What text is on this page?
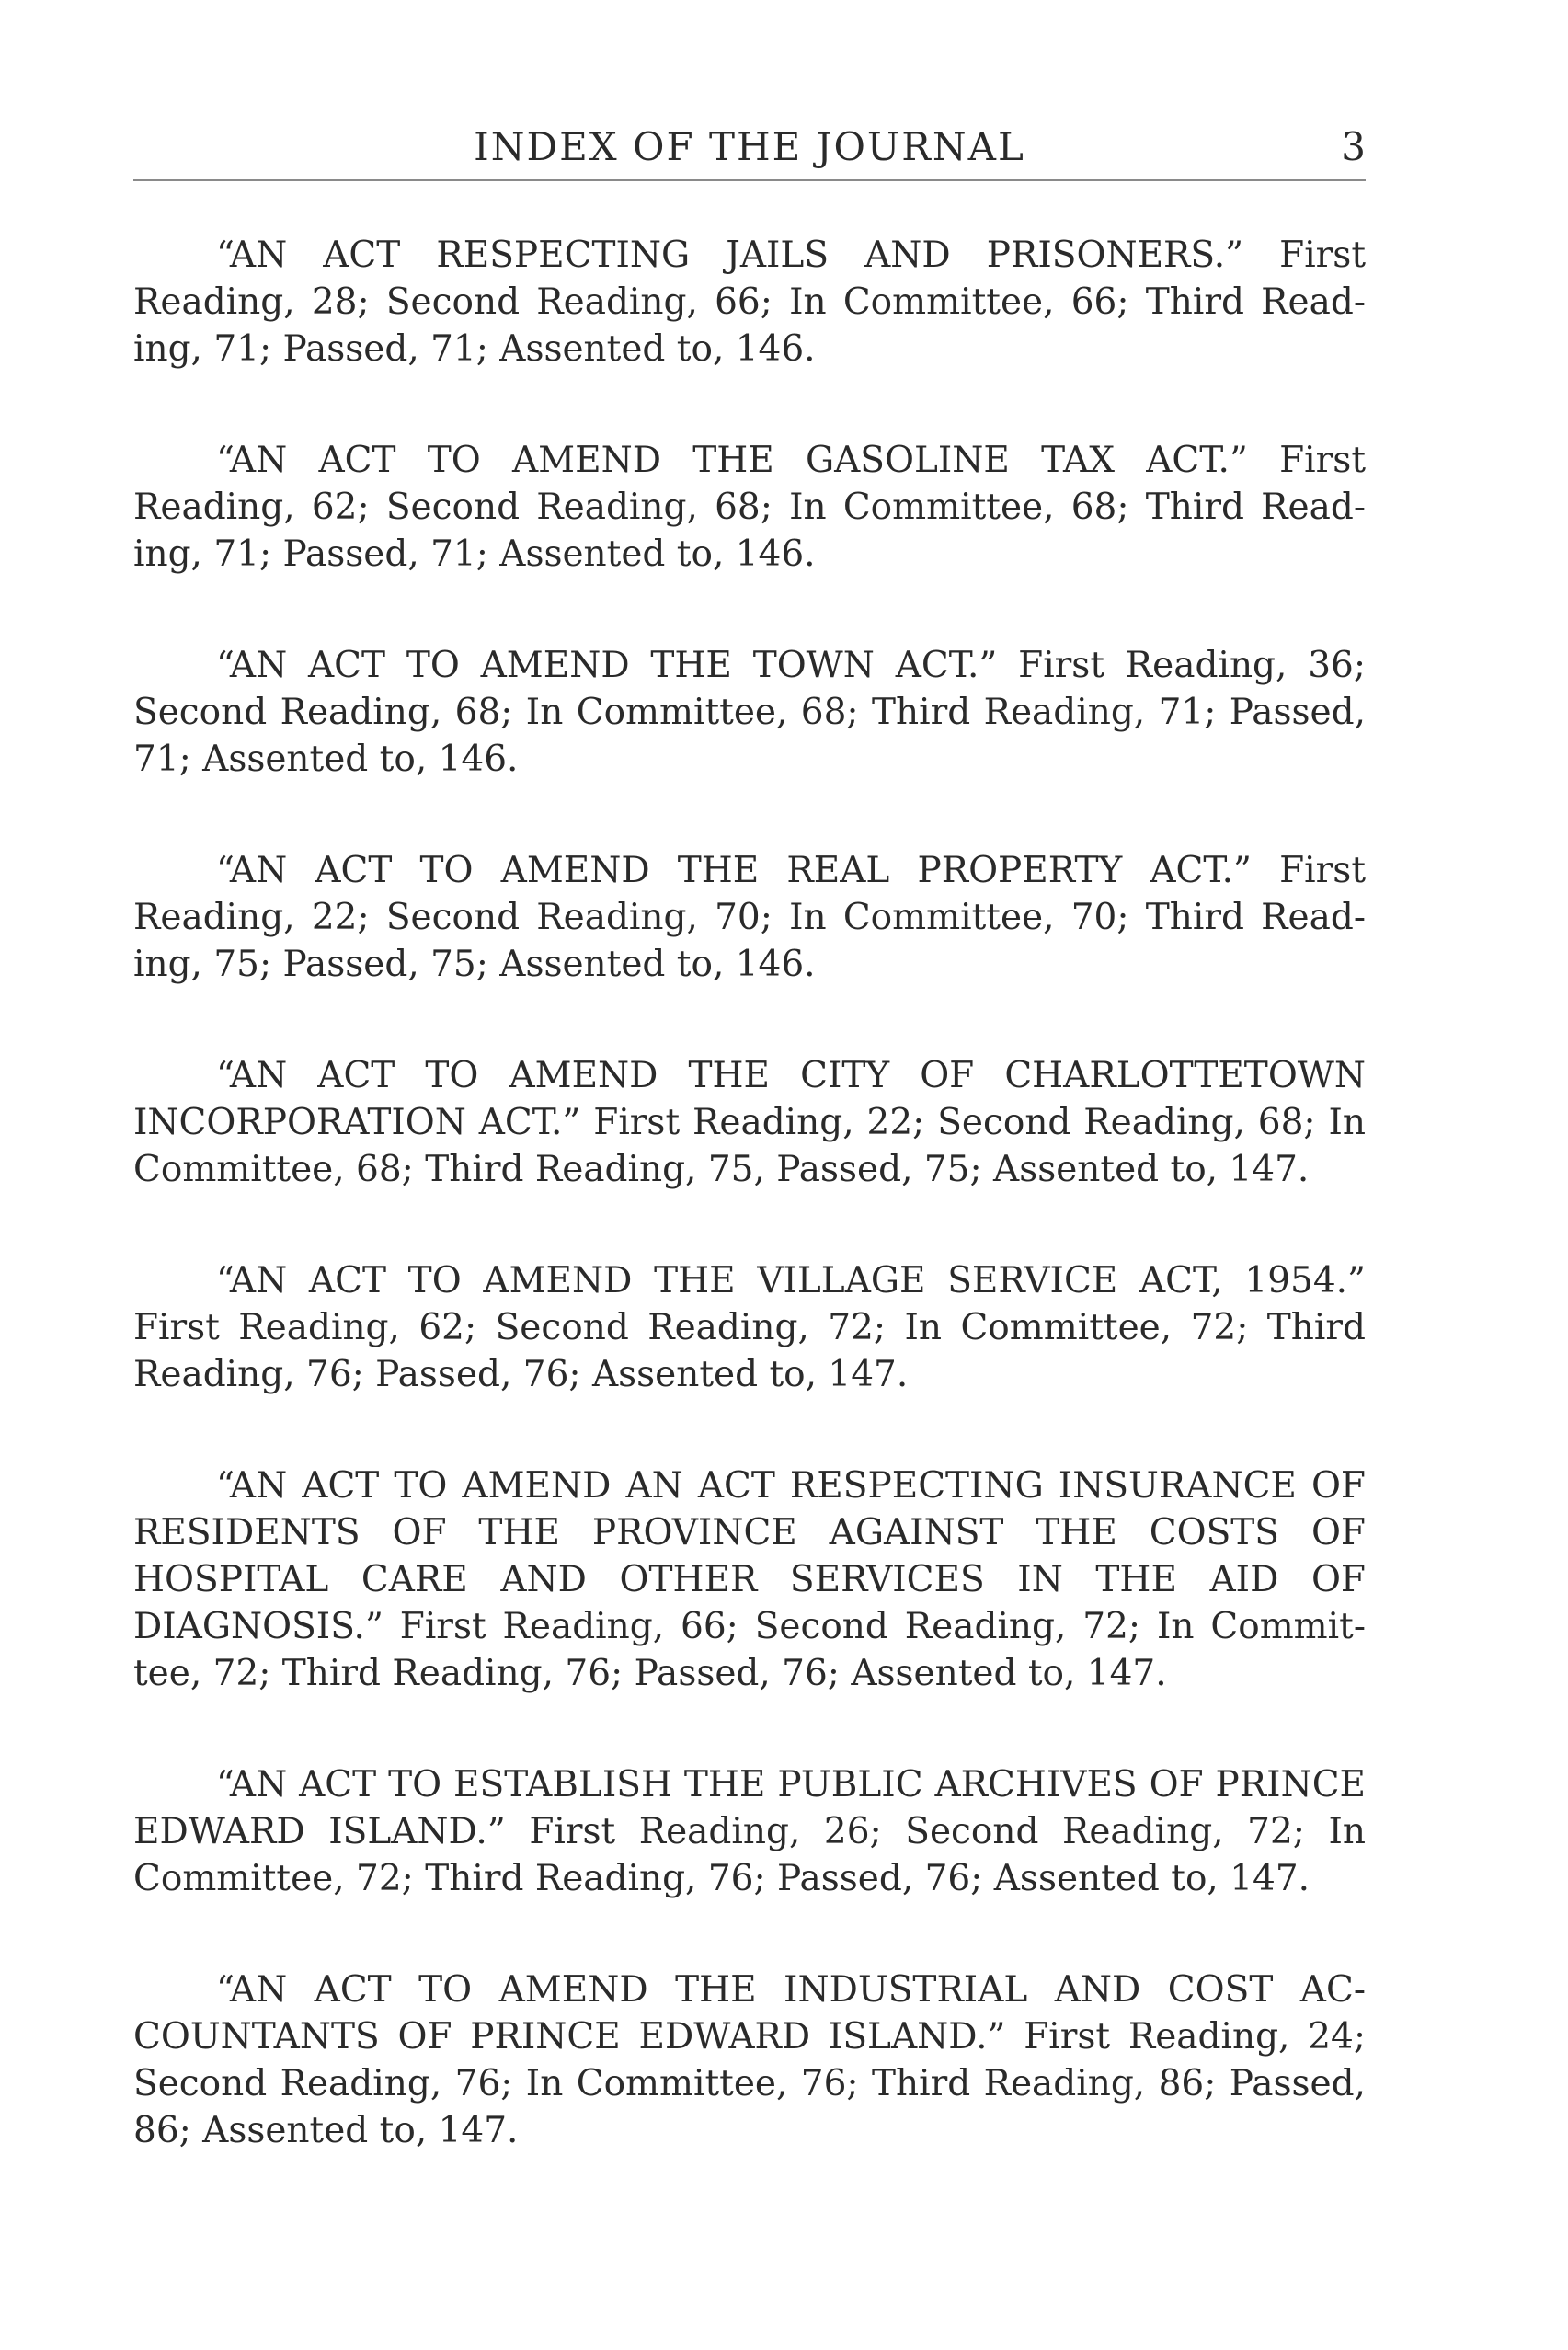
INDEX OF THE JOURNAL	3

“AN ACT RESPECTING JAILS AND PRISONERS.” First Reading, 28; Second Reading, 66; In Committee, 66; Third Reading, 71; Passed, 71; Assented to, 146.

“AN ACT TO AMEND THE GASOLINE TAX ACT.” First Reading, 62; Second Reading, 68; In Committee, 68; Third Reading, 71; Passed, 71; Assented to, 146.

“AN ACT TO AMEND THE TOWN ACT.” First Reading, 36; Second Reading, 68; In Committee, 68; Third Reading, 71; Passed, 71; Assented to, 146.

“AN ACT TO AMEND THE REAL PROPERTY ACT.” First Reading, 22; Second Reading, 70; In Committee, 70; Third Reading, 75; Passed, 75; Assented to, 146.

“AN ACT TO AMEND THE CITY OF CHARLOTTETOWN INCORPORATION ACT.” First Reading, 22; Second Reading, 68; In Committee, 68; Third Reading, 75, Passed, 75; Assented to, 147.

“AN ACT TO AMEND THE VILLAGE SERVICE ACT, 1954.” First Reading, 62; Second Reading, 72; In Committee, 72; Third Reading, 76; Passed, 76; Assented to, 147.

“AN ACT TO AMEND AN ACT RESPECTING INSURANCE OF RESIDENTS OF THE PROVINCE AGAINST THE COSTS OF HOSPITAL CARE AND OTHER SERVICES IN THE AID OF DIAGNOSIS.” First Reading, 66; Second Reading, 72; In Committee, 72; Third Reading, 76; Passed, 76; Assented to, 147.

“AN ACT TO ESTABLISH THE PUBLIC ARCHIVES OF PRINCE EDWARD ISLAND.” First Reading, 26; Second Reading, 72; In Committee, 72; Third Reading, 76; Passed, 76; Assented to, 147.

“AN ACT TO AMEND THE INDUSTRIAL AND COST ACCOUNTANTS OF PRINCE EDWARD ISLAND.” First Reading, 24; Second Reading, 76; In Committee, 76; Third Reading, 86; Passed, 86; Assented to, 147.
